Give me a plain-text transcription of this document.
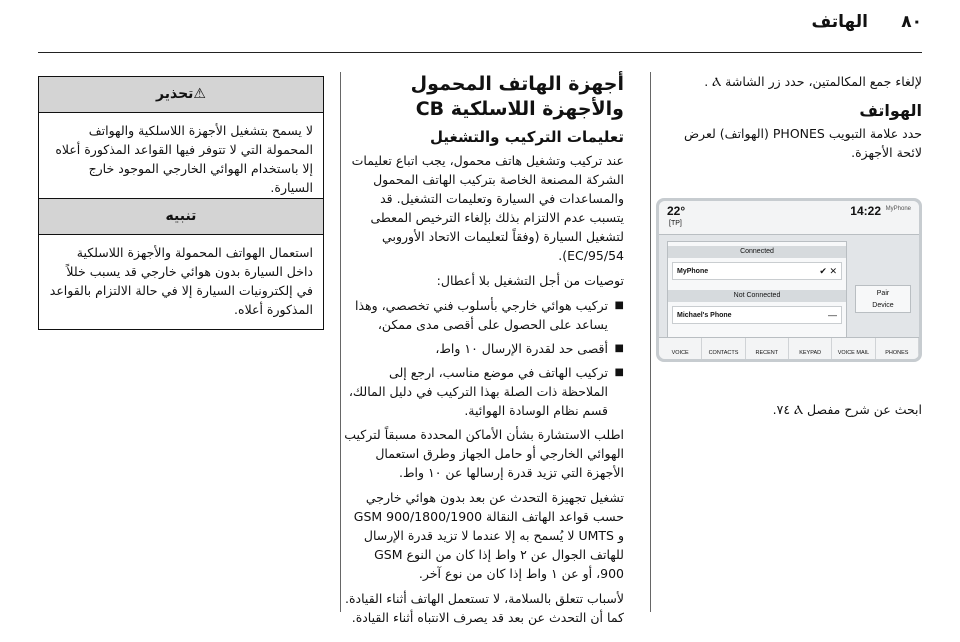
٨٠
الهاتف

لإلغاء جمع المكالمتين، حدد زر الشاشة Ⲁ .

الهواتف

حدد علامة التبويب PHONES (الهواتف) لعرض لائحة الأجهزة.

22°
[TP]
14:22 MyPhone
Connected
MyPhone	✔ ✕
Not Connected
Michael's Phone	—
Pair
Device
VOICE	CONTACTS	RECENT	KEYPAD	VOICE MAIL	PHONES

ابحث عن شرح مفصل Ⲁ ٧٤.

أجهزة الهاتف المحمول والأجهزة اللاسلكية CB
تعليمات التركيب والتشغيل

عند تركيب وتشغيل هاتف محمول، يجب اتباع تعليمات الشركة المصنعة الخاصة بتركيب الهاتف المحمول والمساعدات في السيارة وتعليمات التشغيل. قد يتسبب عدم الالتزام بذلك بإلغاء الترخيص المعطى لتشغيل السيارة (وفقاً لتعليمات الاتحاد الأوروبي 95/54/EC).

توصيات من أجل التشغيل بلا أعطال:

■ تركيب هوائي خارجي بأسلوب فني تخصصي، وهذا يساعد على الحصول على أقصى مدى ممكن،
■ أقصى حد لقدرة الإرسال ١٠ واط،
■ تركيب الهاتف في موضع مناسب، ارجع إلى الملاحظة ذات الصلة بهذا التركيب في دليل المالك، قسم نظام الوسادة الهوائية.

اطلب الاستشارة بشأن الأماكن المحددة مسبقاً لتركيب الهوائي الخارجي أو حامل الجهاز وطرق استعمال الأجهزة التي تزيد قدرة إرسالها عن ١٠ واط.

تشغيل تجهيزة التحدث عن بعد بدون هوائي خارجي حسب قواعد الهاتف النقالة GSM 900/1800/1900 و UMTS لا يُسمح به إلا عندما لا تزيد قدرة الإرسال للهاتف الجوال عن ٢ واط إذا كان من النوع GSM 900، أو عن ١ واط إذا كان من نوع آخر.

لأسباب تتعلق بالسلامة، لا تستعمل الهاتف أثناء القيادة. كما أن التحدث عن بعد قد يصرف الانتباه أثناء القيادة.

⚠تحذير
لا يسمح بتشغيل الأجهزة اللاسلكية والهواتف المحمولة التي لا تتوفر فيها القواعد المذكورة أعلاه إلا باستخدام الهوائي الخارجي الموجود خارج السيارة.
تنبيه
استعمال الهواتف المحمولة والأجهزة اللاسلكية داخل السيارة بدون هوائي خارجي قد يسبب خللاً في إلكترونيات السيارة إلا في حالة الالتزام بالقواعد المذكورة أعلاه.
